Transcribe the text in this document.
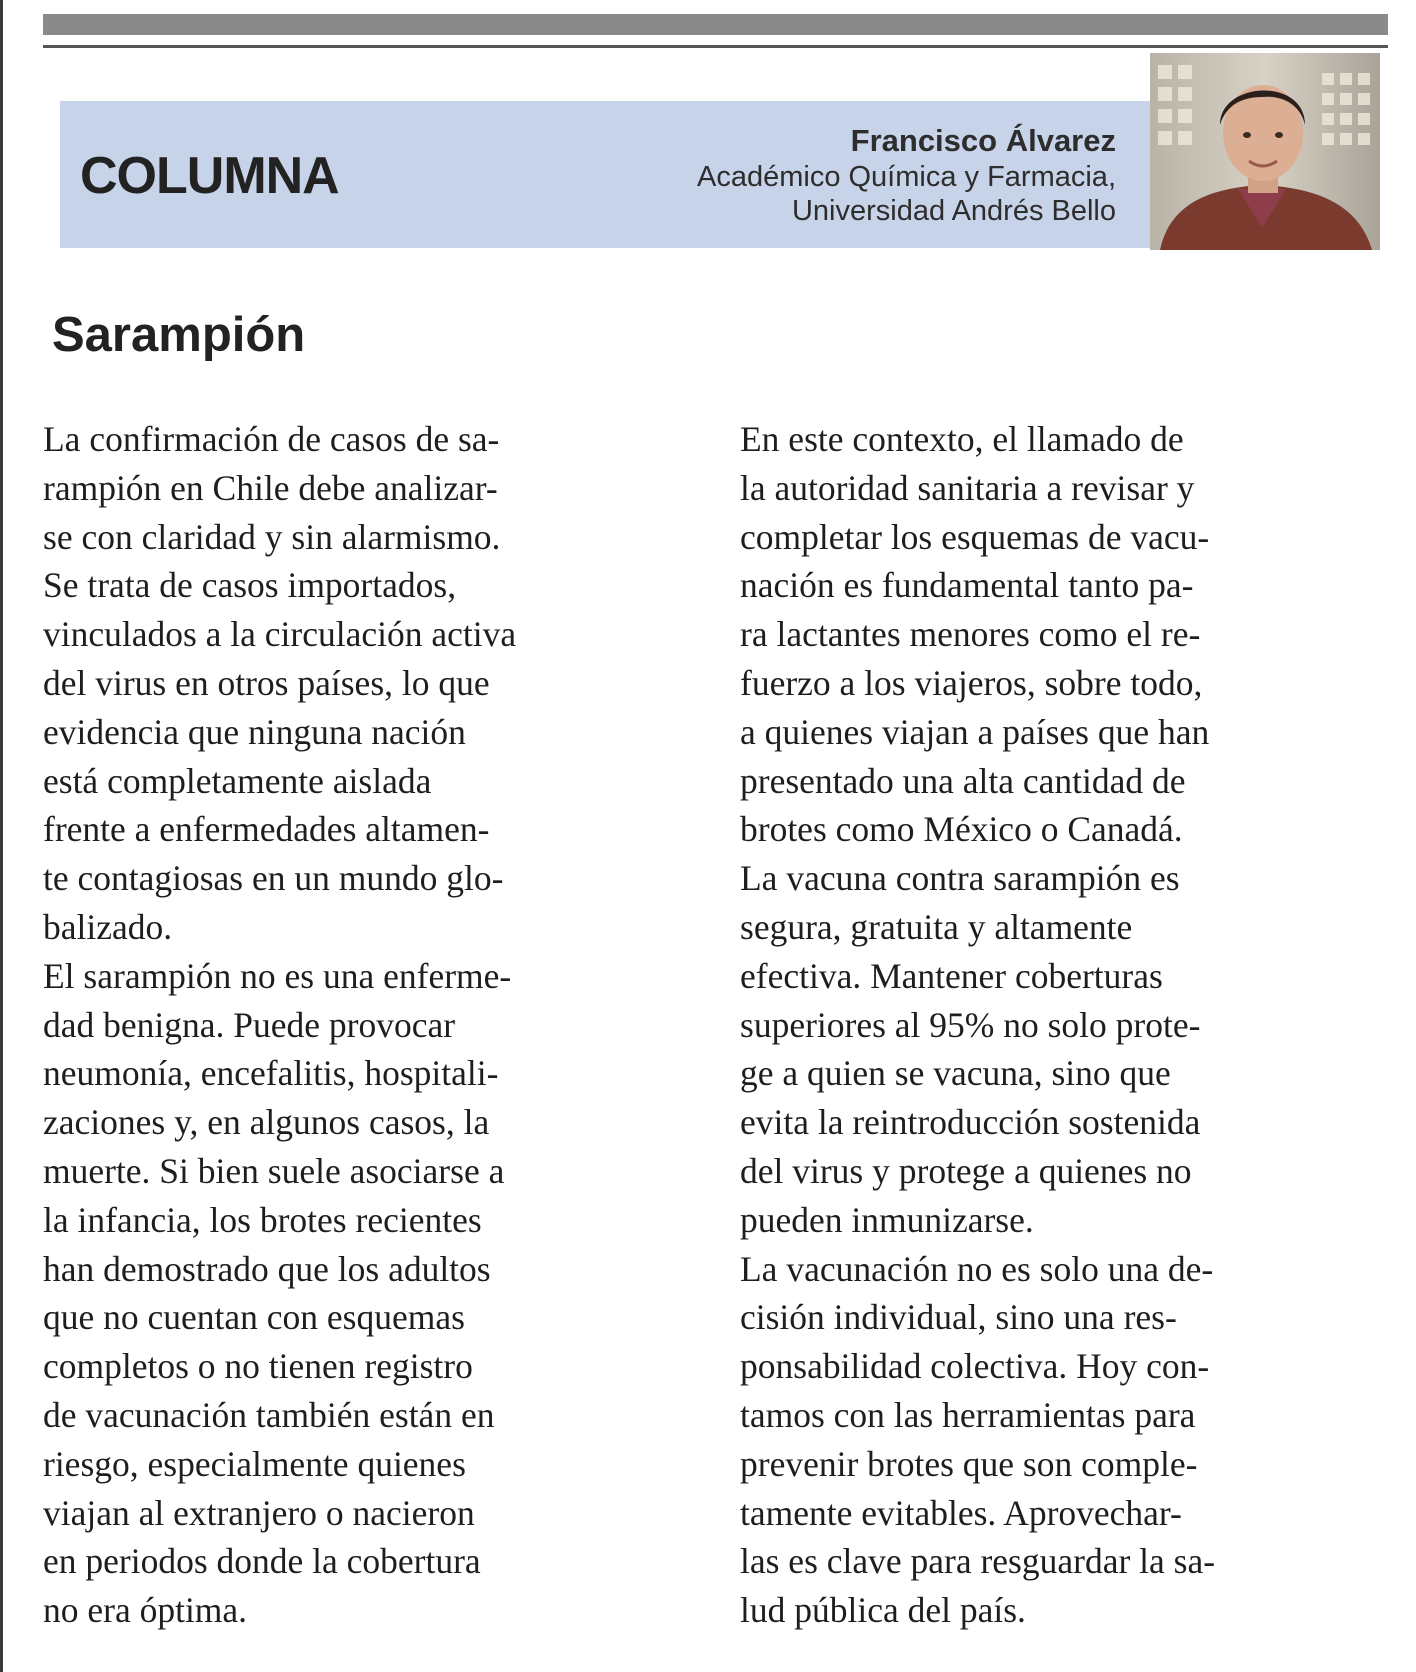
COLUMNA
Francisco Álvarez
Académico Química y Farmacia,
Universidad Andrés Bello
Sarampión

La confirmación de casos de sa-
rampión en Chile debe analizar-
se con claridad y sin alarmismo.

Se trata de casos importados,
vinculados a la circulación activa
del virus en otros países, lo que
evidencia que ninguna nación
está completamente aislada
frente a enfermedades altamen-
te contagiosas en un mundo glo-
balizado.

El sarampión no es una enferme-
dad benigna. Puede provocar
neumonía, encefalitis, hospitali-
zaciones y, en algunos casos, la
muerte. Si bien suele asociarse a
la infancia, los brotes recientes
han demostrado que los adultos
que no cuentan con esquemas
completos o no tienen registro
de vacunación también están en
riesgo, especialmente quienes
viajan al extranjero o nacieron
en periodos donde la cobertura
no era óptima.

En este contexto, el llamado de
la autoridad sanitaria a revisar y
completar los esquemas de vacu-
nación es fundamental tanto pa-
ra lactantes menores como el re-
fuerzo a los viajeros, sobre todo,
a quienes viajan a países que han
presentado una alta cantidad de
brotes como México o Canadá.

La vacuna contra sarampión es
segura, gratuita y altamente
efectiva. Mantener coberturas
superiores al 95% no solo prote-
ge a quien se vacuna, sino que
evita la reintroducción sostenida
del virus y protege a quienes no
pueden inmunizarse.

La vacunación no es solo una de-
cisión individual, sino una res-
ponsabilidad colectiva. Hoy con-
tamos con las herramientas para
prevenir brotes que son comple-
tamente evitables. Aprovechar-
las es clave para resguardar la sa-
lud pública del país.
